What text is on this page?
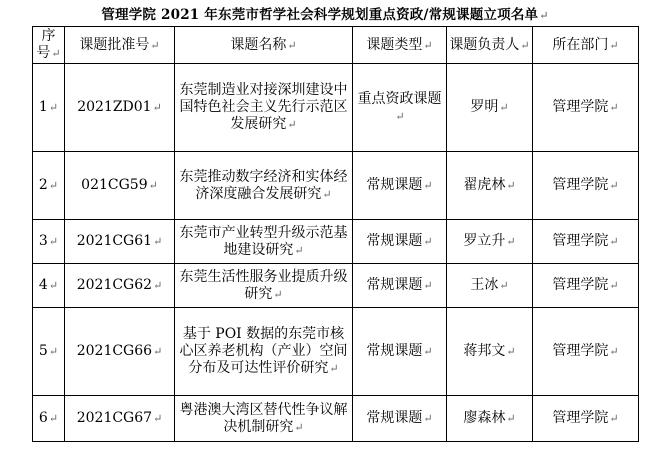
管理学院 2021 年东莞市哲学社会科学规划重点资政/常规课题立项名单↵
序号↵	课题批准号↵	课题名称↵	课题类型↵	课题负责人↵	所在部门↵
1↵	2021ZD01↵	东莞制造业对接深圳建设中国特色社会主义先行示范区发展研究↵	重点资政课题↵	罗明↵	管理学院↵
2↵	021CG59↵	东莞推动数字经济和实体经济深度融合发展研究↵	常规课题↵	翟虎林↵	管理学院↵
3↵	2021CG61↵	东莞市产业转型升级示范基地建设研究↵	常规课题↵	罗立升↵	管理学院↵
4↵	2021CG62↵	东莞生活性服务业提质升级研究↵	常规课题↵	王冰↵	管理学院↵
5↵	2021CG66↵	基于 POI 数据的东莞市核心区养老机构（产业）空间分布及可达性评价研究↵	常规课题↵	蒋邦文↵	管理学院↵
6↵	2021CG67↵	粤港澳大湾区替代性争议解决机制研究↵	常规课题↵	廖森林↵	管理学院↵
